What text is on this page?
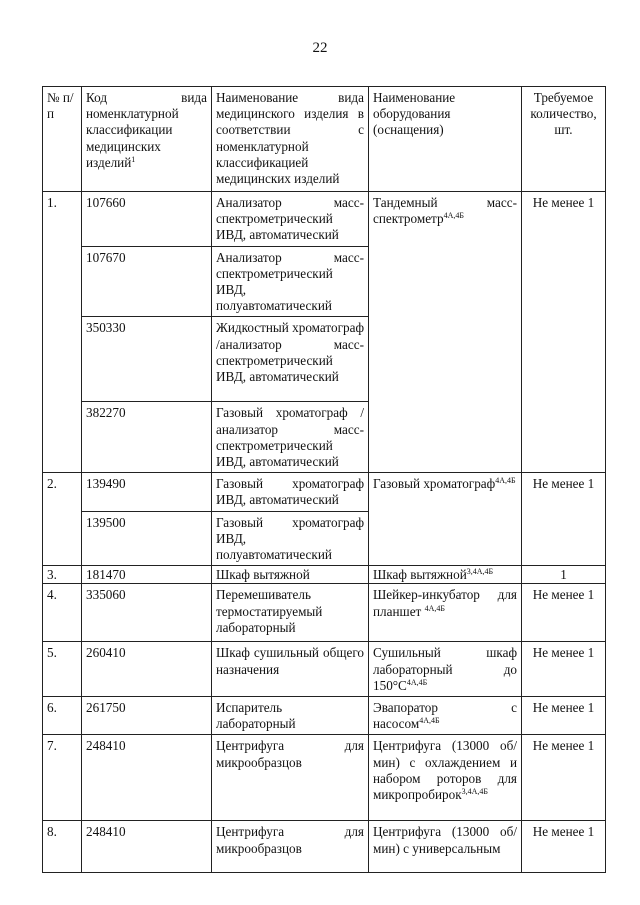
22
№ п/п	Код вида номенклатурной классификации медицинских изделий$^1$	Наименование вида медицинского изделия в соответствии с номенклатурной классификацией медицинских изделий	Наименование оборудования (оснащения)	Требуемое количество, шт.
1.	107660	Анализатор масс-спектрометрический ИВД, автоматический	Тандемный масс-спектрометр$^{4А,4Б}$	Не менее 1
	107670	Анализатор масс-спектрометрический ИВД, полуавтоматический		
	350330	Жидкостный хроматограф /анализатор масс-спектрометрический ИВД, автоматический		
	382270	Газовый хроматограф /анализатор масс-спектрометрический ИВД, автоматический		
2.	139490	Газовый хроматограф ИВД, автоматический	Газовый хроматограф$^{4А,4Б}$	Не менее 1
	139500	Газовый хроматограф ИВД, полуавтоматический		
3.	181470	Шкаф вытяжной	Шкаф вытяжной$^{3,4А,4Б}$	1
4.	335060	Перемешиватель термостатируемый лабораторный	Шейкер-инкубатор для планшет $^{4А,4Б}$	Не менее 1
5.	260410	Шкаф сушильный общего назначения	Сушильный шкаф лабораторный до $150^\circ С^{4А,4Б}$	Не менее 1
6.	261750	Испаритель лабораторный	Эвапоратор с насосом$^{4А,4Б}$	Не менее 1
7.	248410	Центрифуга для микрообразцов	Центрифуга (13000 об/мин) с охлаждением и набором роторов для микропробирок$^{3,4А,4Б}$	Не менее 1
8.	248410	Центрифуга для микрообразцов	Центрифуга (13000 об/мин) с универсальным	Не менее 1
